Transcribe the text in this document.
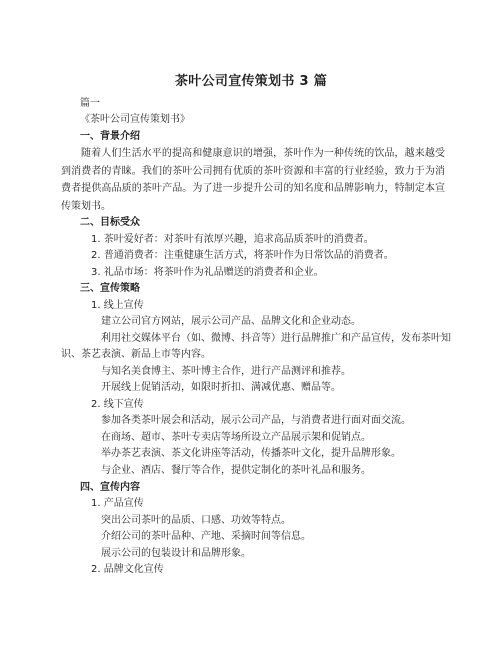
茶叶公司宣传策划书 3 篇
篇一
《茶叶公司宣传策划书》
一、背景介绍
随着人们生活水平的提高和健康意识的增强，茶叶作为一种传统的饮品，越来越受到消费者的青睐。我们的茶叶公司拥有优质的茶叶资源和丰富的行业经验，致力于为消费者提供高品质的茶叶产品。为了进一步提升公司的知名度和品牌影响力，特制定本宣传策划书。
二、目标受众
1. 茶叶爱好者：对茶叶有浓厚兴趣，追求高品质茶叶的消费者。
2. 普通消费者：注重健康生活方式，将茶叶作为日常饮品的消费者。
3. 礼品市场：将茶叶作为礼品赠送的消费者和企业。
三、宣传策略
1. 线上宣传
建立公司官方网站，展示公司产品、品牌文化和企业动态。
利用社交媒体平台（如、微博、抖音等）进行品牌推广和产品宣传，发布茶叶知
识、茶艺表演、新品上市等内容。
与知名美食博主、茶叶博主合作，进行产品测评和推荐。
开展线上促销活动，如限时折扣、满减优惠、赠品等。
2. 线下宣传
参加各类茶叶展会和活动，展示公司产品，与消费者进行面对面交流。
在商场、超市、茶叶专卖店等场所设立产品展示架和促销点。
举办茶艺表演、茶文化讲座等活动，传播茶叶文化，提升品牌形象。
与企业、酒店、餐厅等合作，提供定制化的茶叶礼品和服务。
四、宣传内容
1. 产品宣传
突出公司茶叶的品质、口感、功效等特点。
介绍公司的茶叶品种、产地、采摘时间等信息。
展示公司的包装设计和品牌形象。
2. 品牌文化宣传
